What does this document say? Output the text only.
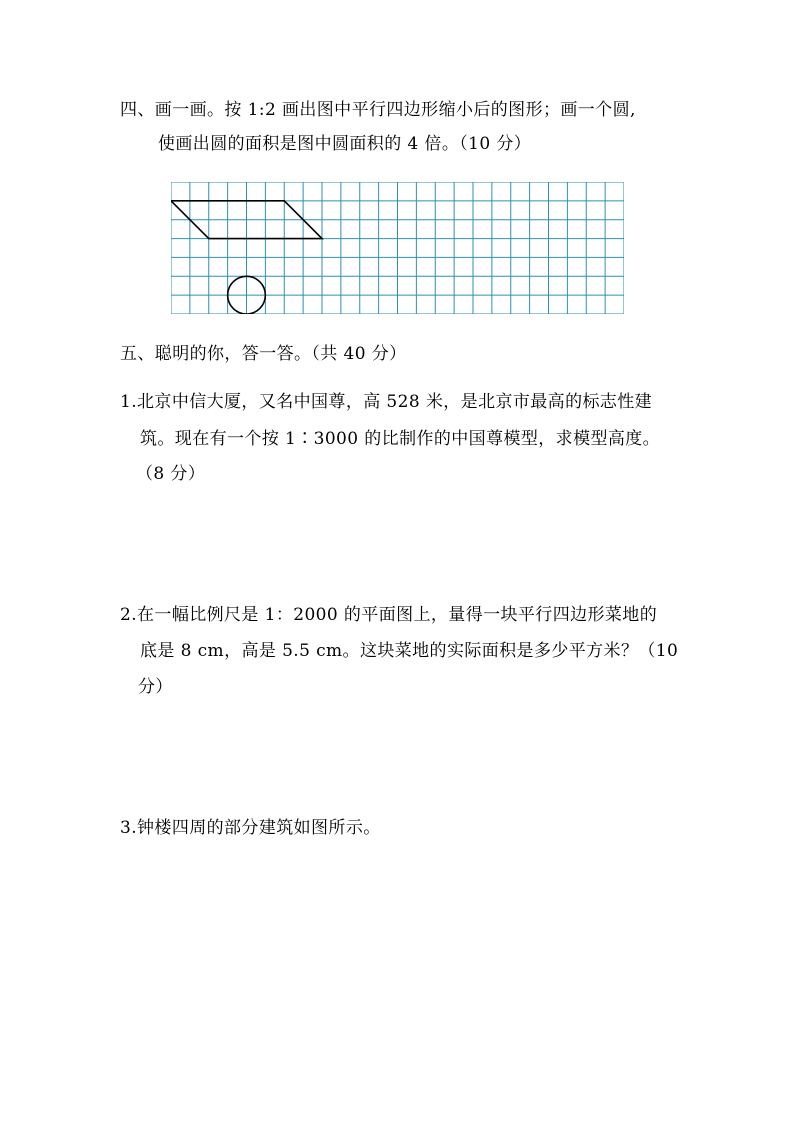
四、画一画。按 1:2 画出图中平行四边形缩小后的图形；画一个圆,
使画出圆的面积是图中圆面积的 4 倍。（10 分）
五、聪明的你，答一答。（共 40 分）
1.北京中信大厦，又名中国尊，高 528 米，是北京市最高的标志性建
筑。现在有一个按 1∶3000 的比制作的中国尊模型，求模型高度。
（8 分）
2.在一幅比例尺是 1：2000 的平面图上，量得一块平行四边形菜地的
底是 8 cm，高是 5.5 cm。这块菜地的实际面积是多少平方米？（10
分）
3.钟楼四周的部分建筑如图所示。
